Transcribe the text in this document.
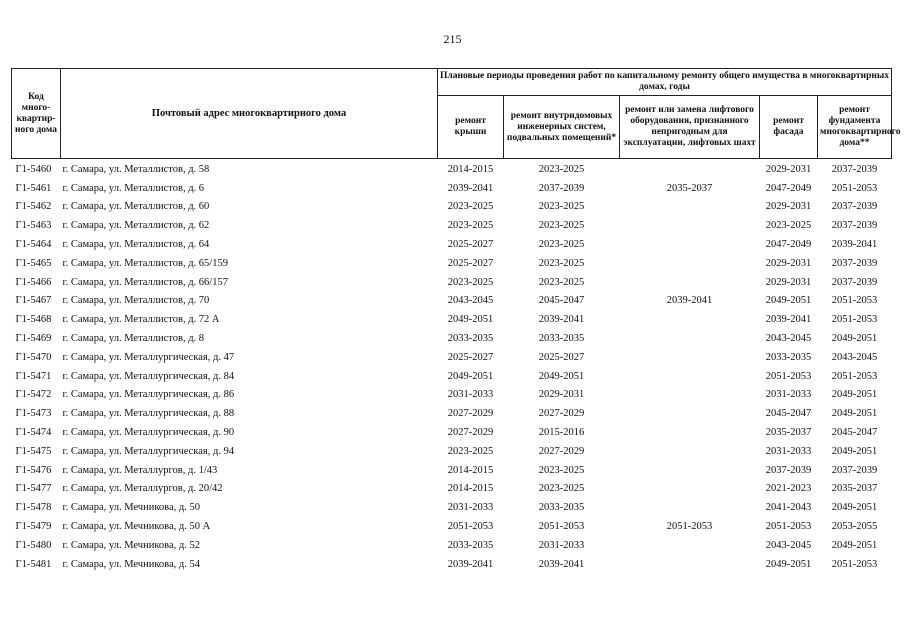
215
Код много-квартир-ного дома	Почтовый адрес многоквартирного дома	Плановые периоды проведения работ по капитальному ремонту общего имущества в многоквартирных домах, годы				
		ремонт крыши	ремонт внутридомовых инженерных систем, подвальных помещений*	ремонт или замена лифтового оборудования, признанного непригодным для эксплуатации, лифтовых шахт	ремонт фасада	ремонт фундамента многоквартирного дома**
Г1-5460	г. Самара, ул. Металлистов, д. 58	2014-2015	2023-2025		2029-2031	2037-2039
Г1-5461	г. Самара, ул. Металлистов, д. 6	2039-2041	2037-2039	2035-2037	2047-2049	2051-2053
Г1-5462	г. Самара, ул. Металлистов, д. 60	2023-2025	2023-2025		2029-2031	2037-2039
Г1-5463	г. Самара, ул. Металлистов, д. 62	2023-2025	2023-2025		2023-2025	2037-2039
Г1-5464	г. Самара, ул. Металлистов, д. 64	2025-2027	2023-2025		2047-2049	2039-2041
Г1-5465	г. Самара, ул. Металлистов, д. 65/159	2025-2027	2023-2025		2029-2031	2037-2039
Г1-5466	г. Самара, ул. Металлистов, д. 66/157	2023-2025	2023-2025		2029-2031	2037-2039
Г1-5467	г. Самара, ул. Металлистов, д. 70	2043-2045	2045-2047	2039-2041	2049-2051	2051-2053
Г1-5468	г. Самара, ул. Металлистов, д. 72 А	2049-2051	2039-2041		2039-2041	2051-2053
Г1-5469	г. Самара, ул. Металлистов, д. 8	2033-2035	2033-2035		2043-2045	2049-2051
Г1-5470	г. Самара, ул. Металлургическая, д. 47	2025-2027	2025-2027		2033-2035	2043-2045
Г1-5471	г. Самара, ул. Металлургическая, д. 84	2049-2051	2049-2051		2051-2053	2051-2053
Г1-5472	г. Самара, ул. Металлургическая, д. 86	2031-2033	2029-2031		2031-2033	2049-2051
Г1-5473	г. Самара, ул. Металлургическая, д. 88	2027-2029	2027-2029		2045-2047	2049-2051
Г1-5474	г. Самара, ул. Металлургическая, д. 90	2027-2029	2015-2016		2035-2037	2045-2047
Г1-5475	г. Самара, ул. Металлургическая, д. 94	2023-2025	2027-2029		2031-2033	2049-2051
Г1-5476	г. Самара, ул. Металлургов, д. 1/43	2014-2015	2023-2025		2037-2039	2037-2039
Г1-5477	г. Самара, ул. Металлургов, д. 20/42	2014-2015	2023-2025		2021-2023	2035-2037
Г1-5478	г. Самара, ул. Мечникова, д. 50	2031-2033	2033-2035		2041-2043	2049-2051
Г1-5479	г. Самара, ул. Мечникова, д. 50 А	2051-2053	2051-2053	2051-2053	2051-2053	2053-2055
Г1-5480	г. Самара, ул. Мечникова, д. 52	2033-2035	2031-2033		2043-2045	2049-2051
Г1-5481	г. Самара, ул. Мечникова, д. 54	2039-2041	2039-2041		2049-2051	2051-2053
